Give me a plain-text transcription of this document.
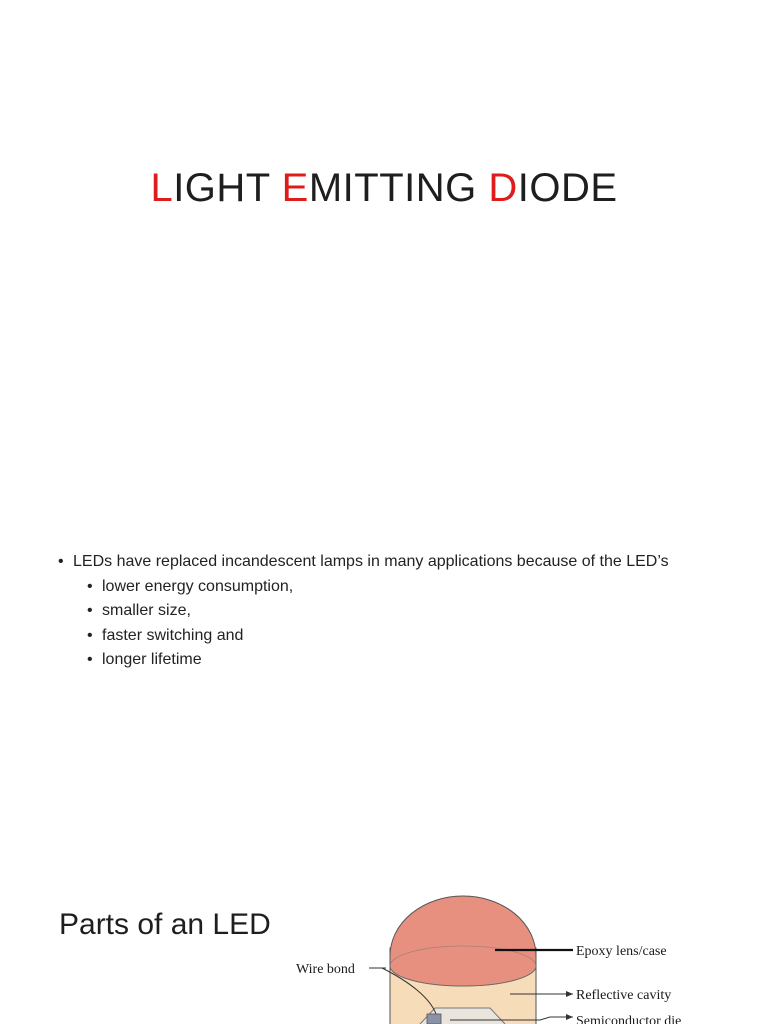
LIGHT EMITTING DIODE
• LEDs have replaced incandescent lamps in many applications because of the LED’s
• lower energy consumption,
• smaller size,
• faster switching and
• longer lifetime
Parts of an LED
Epoxy lens/case
Wire bond
Reflective cavity
Semiconductor die
